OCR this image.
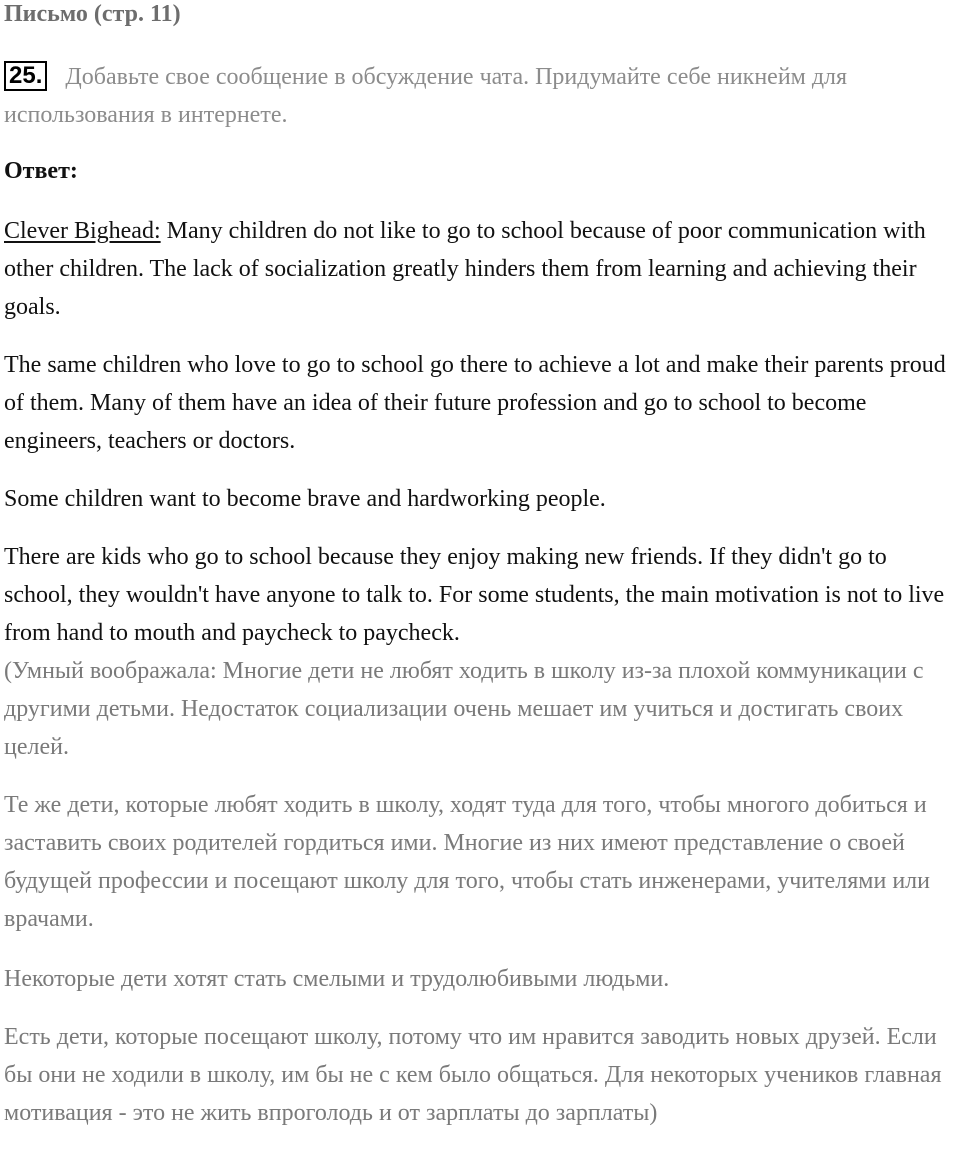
Письмо (стр. 11)
25. Добавьте свое сообщение в обсуждение чата. Придумайте себе никнейм для использования в интернете.
Ответ:

Clever Bighead: Many children do not like to go to school because of poor communication with other children. The lack of socialization greatly hinders them from learning and achieving their goals.

The same children who love to go to school go there to achieve a lot and make their parents proud of them. Many of them have an idea of their future profession and go to school to become engineers, teachers or doctors.

Some children want to become brave and hardworking people.

There are kids who go to school because they enjoy making new friends. If they didn't go to school, they wouldn't have anyone to talk to. For some students, the main motivation is not to live from hand to mouth and paycheck to paycheck.

(Умный воображала: Многие дети не любят ходить в школу из-за плохой коммуникации с другими детьми. Недостаток социализации очень мешает им учиться и достигать своих целей.

Те же дети, которые любят ходить в школу, ходят туда для того, чтобы многого добиться и заставить своих родителей гордиться ими. Многие из них имеют представление о своей будущей профессии и посещают школу для того, чтобы стать инженерами, учителями или врачами.

Некоторые дети хотят стать смелыми и трудолюбивыми людьми.

Есть дети, которые посещают школу, потому что им нравится заводить новых друзей. Если бы они не ходили в школу, им бы не с кем было общаться. Для некоторых учеников главная мотивация - это не жить впроголодь и от зарплаты до зарплаты)
